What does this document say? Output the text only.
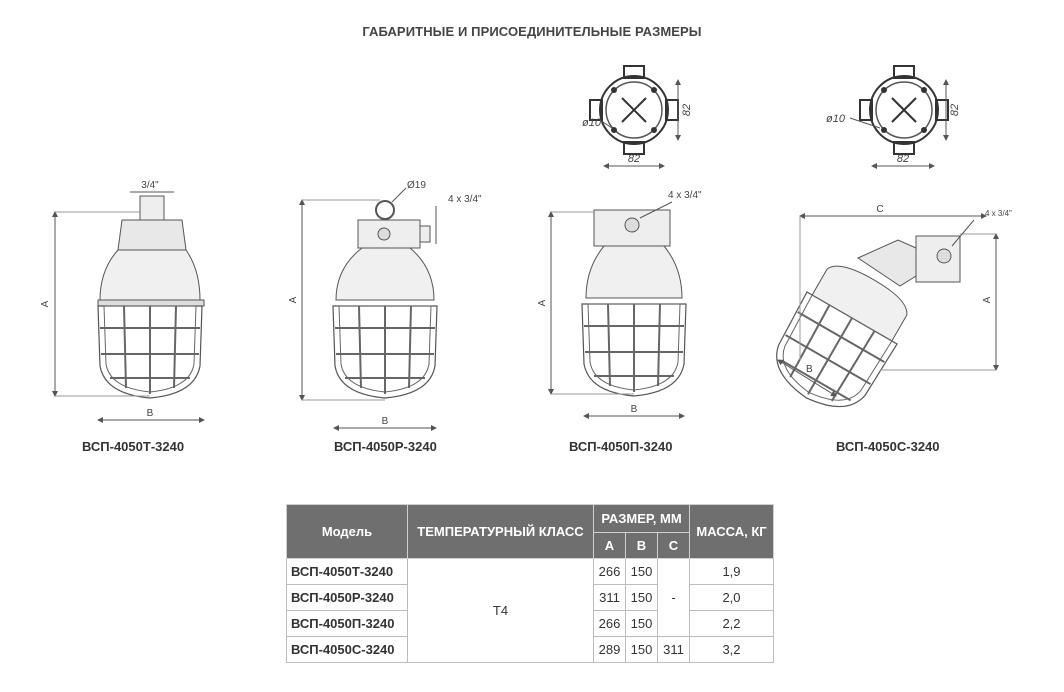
ГАБАРИТНЫЕ И ПРИСОЕДИНИТЕЛЬНЫЕ РАЗМЕРЫ
A
B
3/4"
A
B
Ø19
4 x 3/4"
ø10
82
82
A
B
4 x 3/4"
ø10
82
82
C
A
B
4 x 3/4"
ВСП-4050Т-3240	ВСП-4050Р-3240	ВСП-4050П-3240	ВСП-4050С-3240
Модель	ТЕМПЕРАТУРНЫЙ КЛАСС	РАЗМЕР, ММ			МАССА, КГ
		A	B	C	
ВСП-4050Т-3240	T4	266	150	-	1,9
ВСП-4050Р-3240		311	150		2,0
ВСП-4050П-3240		266	150		2,2
ВСП-4050С-3240		289	150	311	3,2
